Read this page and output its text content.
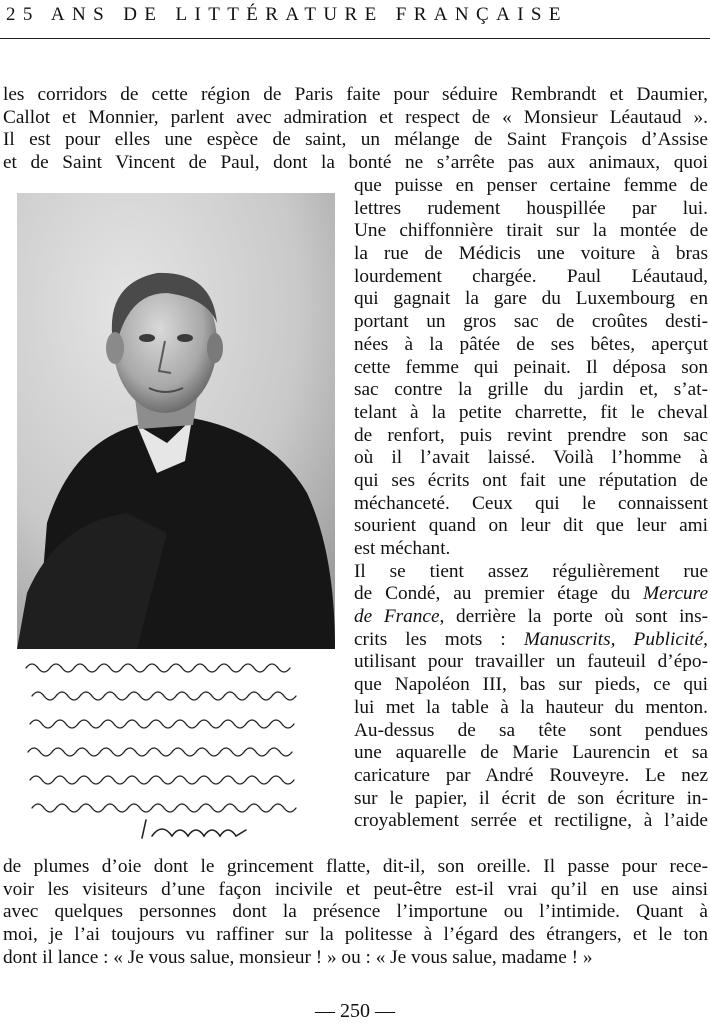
25 ANS DE LITTÉRATURE FRANÇAISE
les corridors de cette région de Paris faite pour séduire Rembrandt et Daumier,
Callot et Monnier, parlent avec admiration et respect de « Monsieur Léautaud ».
Il est pour elles une espèce de saint, un mélange de Saint François d’Assise
et de Saint Vincent de Paul, dont la bonté ne s’arrête pas aux animaux, quoi
que puisse en penser certaine femme de
lettres rudement houspillée par lui.
Une chiffonnière tirait sur la montée de
la rue de Médicis une voiture à bras
lourdement chargée. Paul Léautaud,
qui gagnait la gare du Luxembourg en
portant un gros sac de croûtes desti-
nées à la pâtée de ses bêtes, aperçut
cette femme qui peinait. Il déposa son
sac contre la grille du jardin et, s’at-
telant à la petite charrette, fit le cheval
de renfort, puis revint prendre son sac
où il l’avait laissé. Voilà l’homme à
qui ses écrits ont fait une réputation de
méchanceté. Ceux qui le connaissent
sourient quand on leur dit que leur ami
est méchant.
Il se tient assez régulièrement rue
de Condé, au premier étage du Mercure
de France, derrière la porte où sont ins-
crits les mots : Manuscrits, Publicité,
utilisant pour travailler un fauteuil d’épo-
que Napoléon III, bas sur pieds, ce qui
lui met la table à la hauteur du menton.
Au-dessus de sa tête sont pendues
une aquarelle de Marie Laurencin et sa
caricature par André Rouveyre. Le nez
sur le papier, il écrit de son écriture in-
croyablement serrée et rectiligne, à l’aide
de plumes d’oie dont le grincement flatte, dit-il, son oreille. Il passe pour rece-
voir les visiteurs d’une façon incivile et peut-être est-il vrai qu’il en use ainsi
avec quelques personnes dont la présence l’importune ou l’intimide. Quant à
moi, je l’ai toujours vu raffiner sur la politesse à l’égard des étrangers, et le ton
dont il lance : « Je vous salue, monsieur ! » ou : « Je vous salue, madame ! »
— 250 —
